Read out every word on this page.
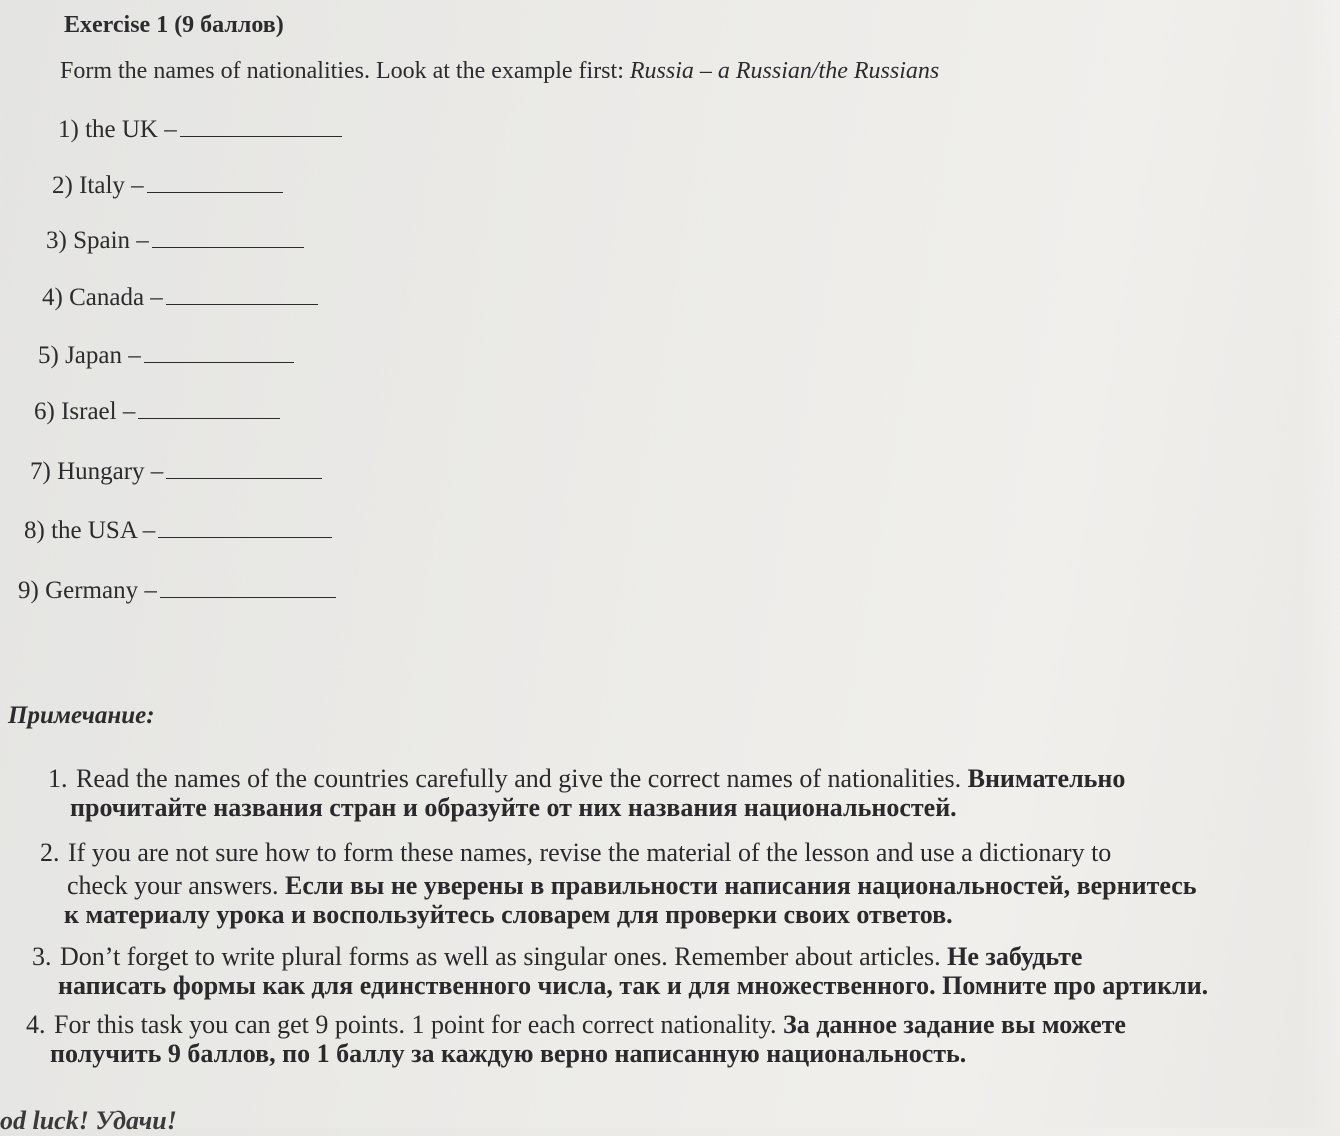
Exercise 1 (9 баллов)
Form the names of nationalities. Look at the example first: Russia – a Russian/the Russians
1) the UK –
2) Italy –
3) Spain –
4) Canada –
5) Japan –
6) Israel –
7) Hungary –
8) the USA –
9) Germany –
Примечание:
1. Read the names of the countries carefully and give the correct names of nationalities. Внимательно
прочитайте названия стран и образуйте от них названия национальностей.
2. If you are not sure how to form these names, revise the material of the lesson and use a dictionary to
check your answers. Если вы не уверены в правильности написания национальностей, вернитесь
к материалу урока и воспользуйтесь словарем для проверки своих ответов.
3. Don’t forget to write plural forms as well as singular ones. Remember about articles. Не забудьте
написать формы как для единственного числа, так и для множественного. Помните про артикли.
4. For this task you can get 9 points. 1 point for each correct nationality. За данное задание вы можете
получить 9 баллов, по 1 баллу за каждую верно написанную национальность.
od luck! Удачи!
